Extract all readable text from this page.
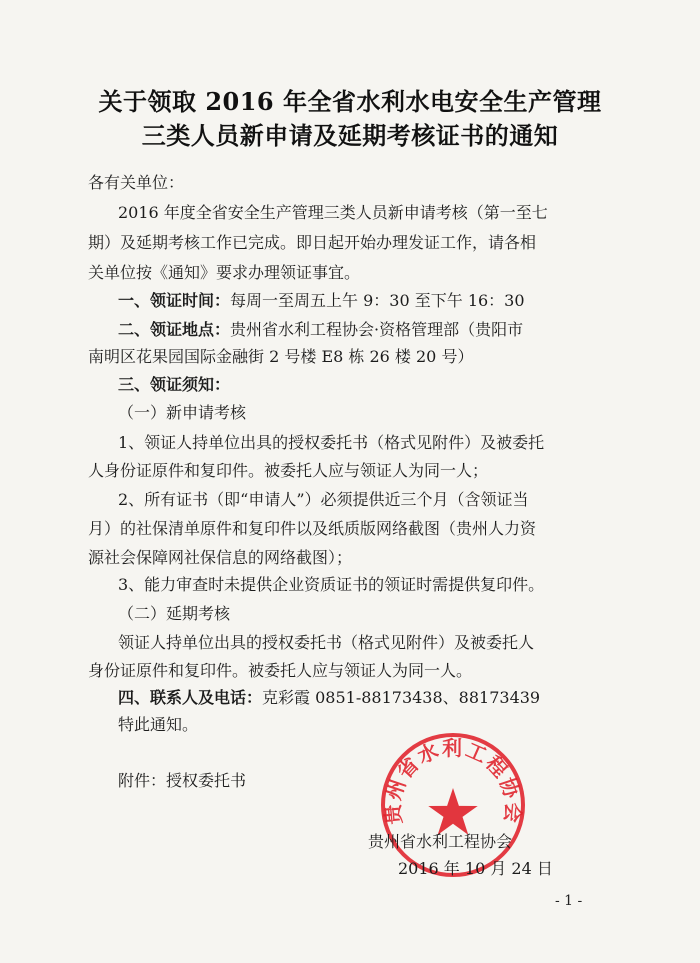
关于领取 2016 年全省水利水电安全生产管理
三类人员新申请及延期考核证书的通知
各有关单位：
2016 年度全省安全生产管理三类人员新申请考核（第一至七
期）及延期考核工作已完成。即日起开始办理发证工作，请各相
关单位按《通知》要求办理领证事宜。
一、领证时间：每周一至周五上午 9：30 至下午 16：30
二、领证地点：贵州省水利工程协会·资格管理部（贵阳市
南明区花果园国际金融街 2 号楼 E8 栋 26 楼 20 号）
三、领证须知：
（一）新申请考核
1、领证人持单位出具的授权委托书（格式见附件）及被委托
人身份证原件和复印件。被委托人应与领证人为同一人；
2、所有证书（即“申请人”）必须提供近三个月（含领证当
月）的社保清单原件和复印件以及纸质版网络截图（贵州人力资
源社会保障网社保信息的网络截图）；
3、能力审查时未提供企业资质证书的领证时需提供复印件。
（二）延期考核
领证人持单位出具的授权委托书（格式见附件）及被委托人
身份证原件和复印件。被委托人应与领证人为同一人。
四、联系人及电话：克彩霞 0851-88173438、88173439
特此通知。
附件：授权委托书
贵州省水利工程协会
贵州省水利工程协会
2016 年 10 月 24 日
- 1 -
